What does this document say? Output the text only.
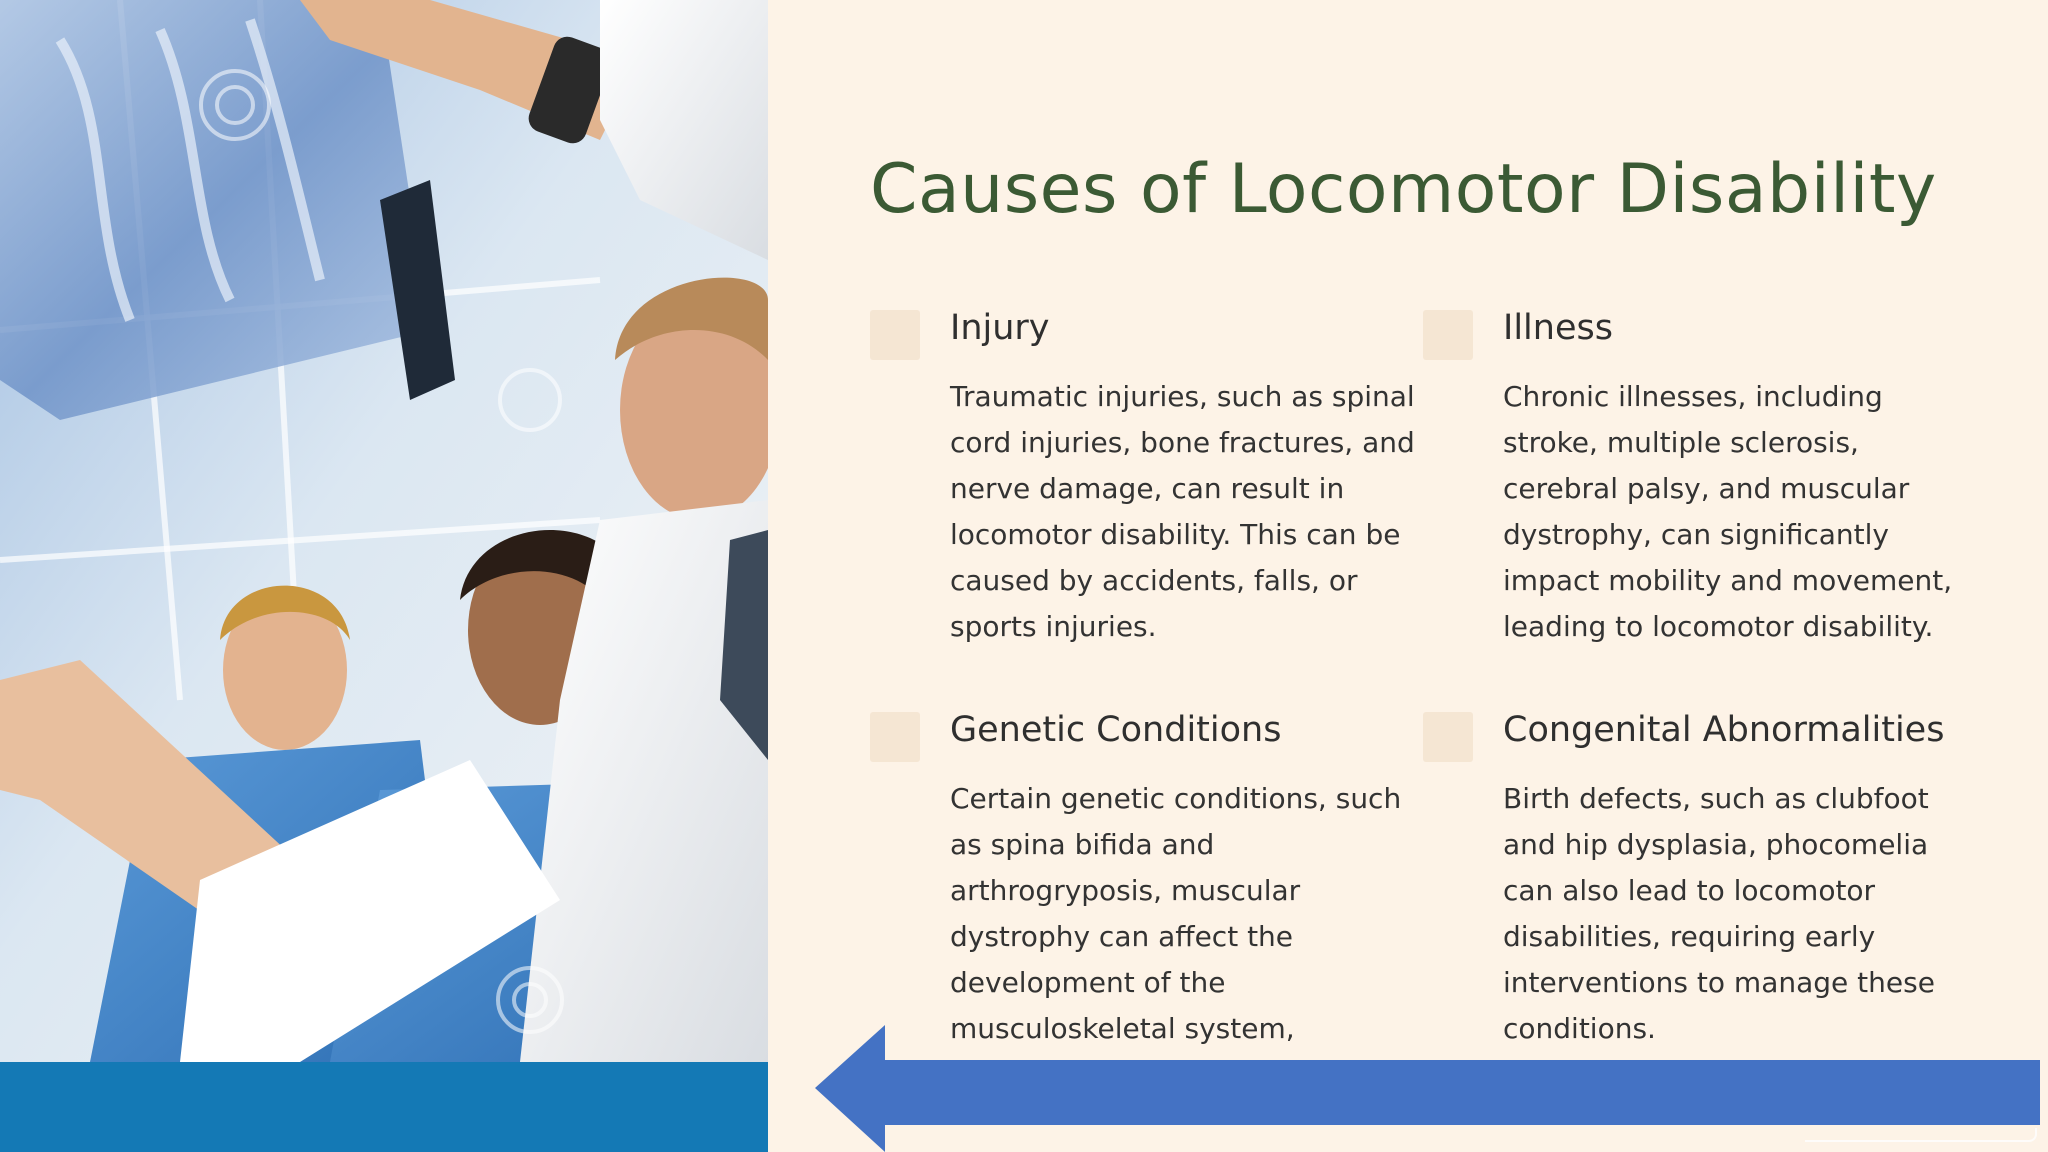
Causes of Locomotor Disability
Injury

Traumatic injuries, such as spinal cord injuries, bone fractures, and nerve damage, can result in locomotor disability. This can be caused by accidents, falls, or sports injuries.

Illness

Chronic illnesses, including stroke, multiple sclerosis, cerebral palsy, and muscular dystrophy, can significantly impact mobility and movement, leading to locomotor disability.

Genetic Conditions

Certain genetic conditions, such as spina bifida and arthrogryposis, muscular dystrophy can affect the development of the musculoskeletal system,

Congenital Abnormalities

Birth defects, such as clubfoot and hip dysplasia, phocomelia can also lead to locomotor disabilities, requiring early interventions to manage these conditions.
